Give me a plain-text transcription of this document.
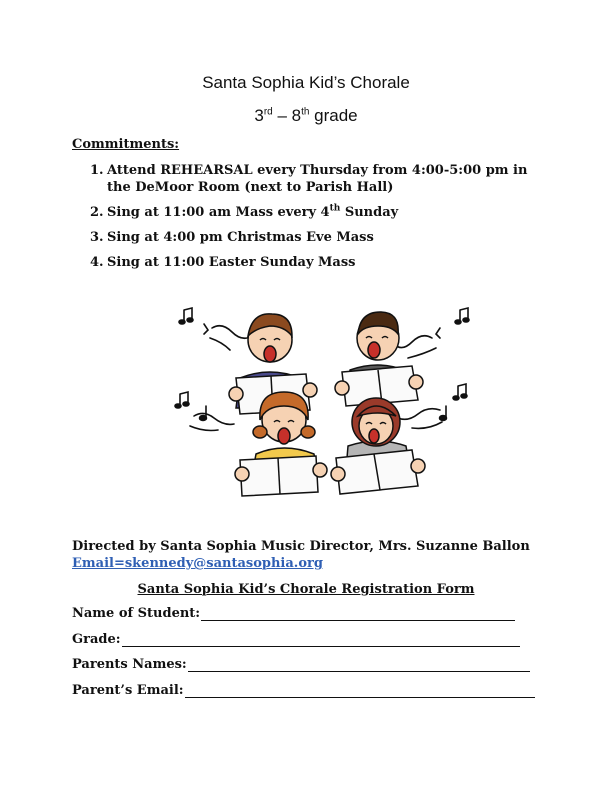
Santa Sophia Kid’s Chorale
3rd – 8th grade
Commitments:
1. Attend REHEARSAL every Thursday from 4:00-5:00 pm in
the DeMoor Room (next to Parish Hall)
2. Sing at 11:00 am Mass every 4th Sunday
3. Sing at 4:00 pm Christmas Eve Mass
4. Sing at 11:00 Easter Sunday Mass
Directed by Santa Sophia Music Director, Mrs. Suzanne Ballon
Email=skennedy@santasophia.org
Santa Sophia Kid’s Chorale Registration Form
Name of Student:
Grade:
Parents Names:
Parent’s Email:
